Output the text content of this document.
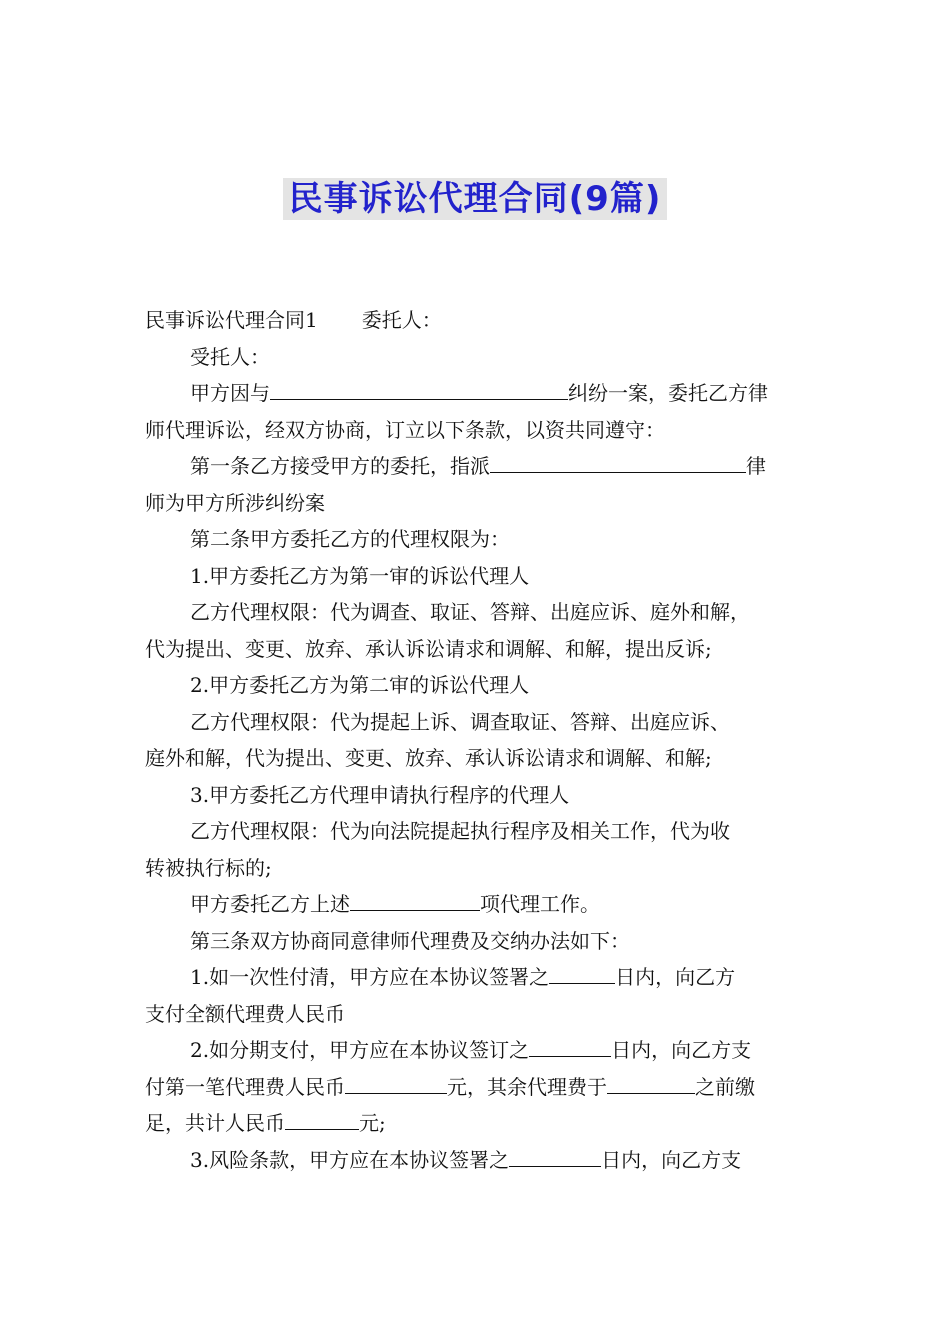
民事诉讼代理合同(9篇)
民事诉讼代理合同1 委托人：
受托人：
甲方因与	纠纷一案，委托乙方律
师代理诉讼，经双方协商，订立以下条款，以资共同遵守：
第一条乙方接受甲方的委托，指派	律
师为甲方所涉纠纷案
第二条甲方委托乙方的代理权限为：
1.甲方委托乙方为第一审的诉讼代理人
乙方代理权限：代为调查、取证、答辩、出庭应诉、庭外和解，
代为提出、变更、放弃、承认诉讼请求和调解、和解，提出反诉;
2.甲方委托乙方为第二审的诉讼代理人
乙方代理权限：代为提起上诉、调查取证、答辩、出庭应诉、
庭外和解，代为提出、变更、放弃、承认诉讼请求和调解、和解;
3.甲方委托乙方代理申请执行程序的代理人
乙方代理权限：代为向法院提起执行程序及相关工作，代为收
转被执行标的;
甲方委托乙方上述	项代理工作。
第三条双方协商同意律师代理费及交纳办法如下：
1.如一次性付清，甲方应在本协议签署之	日内，向乙方
支付全额代理费人民币
2.如分期支付，甲方应在本协议签订之	日内，向乙方支
付第一笔代理费人民币	元，其余代理费于	之前缴
足，共计人民币	元;
3.风险条款，甲方应在本协议签署之	日内，向乙方支
